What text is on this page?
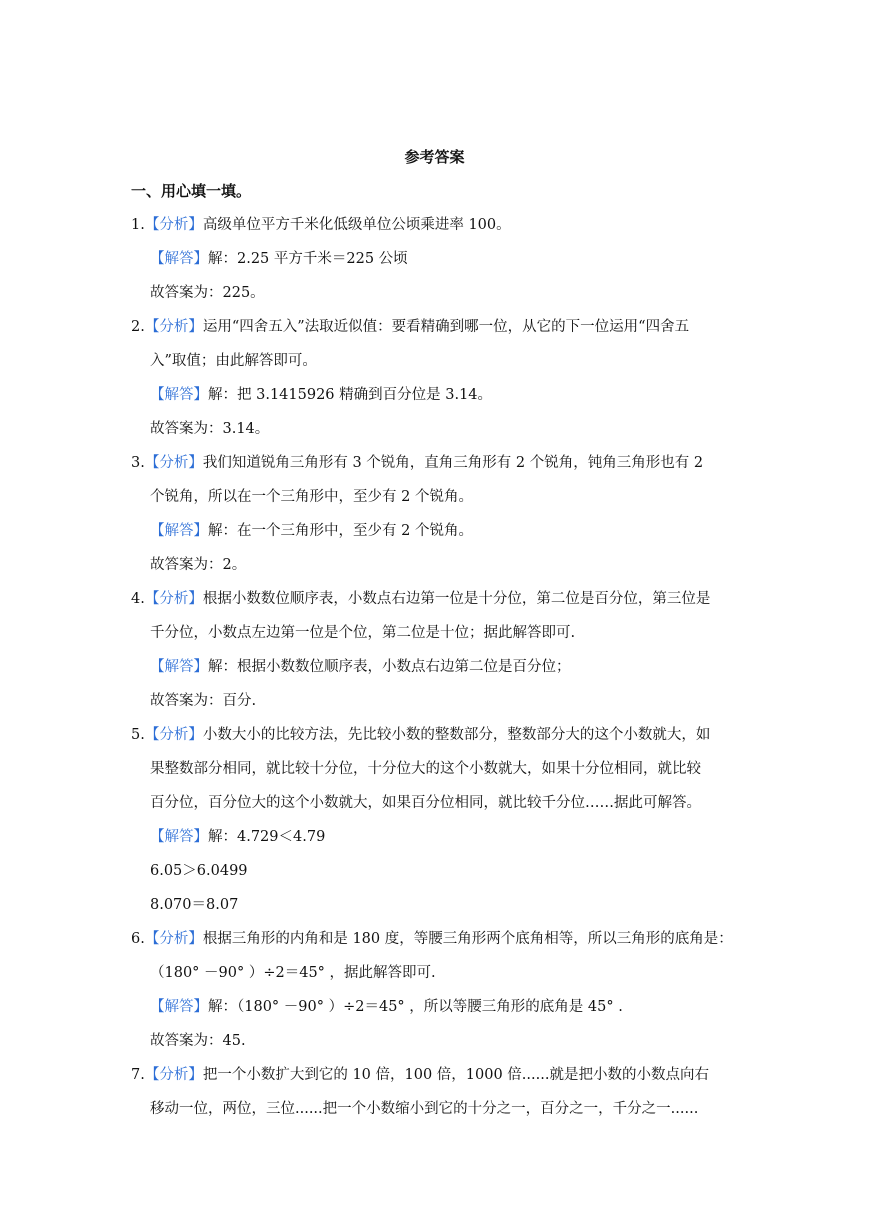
参考答案
一、用心填一填。
1.【分析】高级单位平方千米化低级单位公顷乘进率 100。
【解答】解：2.25 平方千米＝225 公顷
故答案为：225。
2.【分析】运用“四舍五入”法取近似值：要看精确到哪一位，从它的下一位运用“四舍五
入”取值；由此解答即可。
【解答】解：把 3.1415926 精确到百分位是 3.14。
故答案为：3.14。
3.【分析】我们知道锐角三角形有 3 个锐角，直角三角形有 2 个锐角，钝角三角形也有 2
个锐角，所以在一个三角形中，至少有 2 个锐角。
【解答】解：在一个三角形中，至少有 2 个锐角。
故答案为：2。
4.【分析】根据小数数位顺序表，小数点右边第一位是十分位，第二位是百分位，第三位是
千分位，小数点左边第一位是个位，第二位是十位；据此解答即可.
【解答】解：根据小数数位顺序表，小数点右边第二位是百分位；
故答案为：百分.
5.【分析】小数大小的比较方法，先比较小数的整数部分，整数部分大的这个小数就大，如
果整数部分相同，就比较十分位，十分位大的这个小数就大，如果十分位相同，就比较
百分位，百分位大的这个小数就大，如果百分位相同，就比较千分位……据此可解答。
【解答】解：4.729＜4.79
6.05＞6.0499
8.070＝8.07
6.【分析】根据三角形的内角和是 180 度，等腰三角形两个底角相等，所以三角形的底角是：
（180° －90° ）÷2＝45° ，据此解答即可.
【解答】解：（180° －90° ）÷2＝45° ，所以等腰三角形的底角是 45° .
故答案为：45.
7.【分析】把一个小数扩大到它的 10 倍，100 倍，1000 倍......就是把小数的小数点向右
移动一位，两位，三位......把一个小数缩小到它的十分之一，百分之一，千分之一......
